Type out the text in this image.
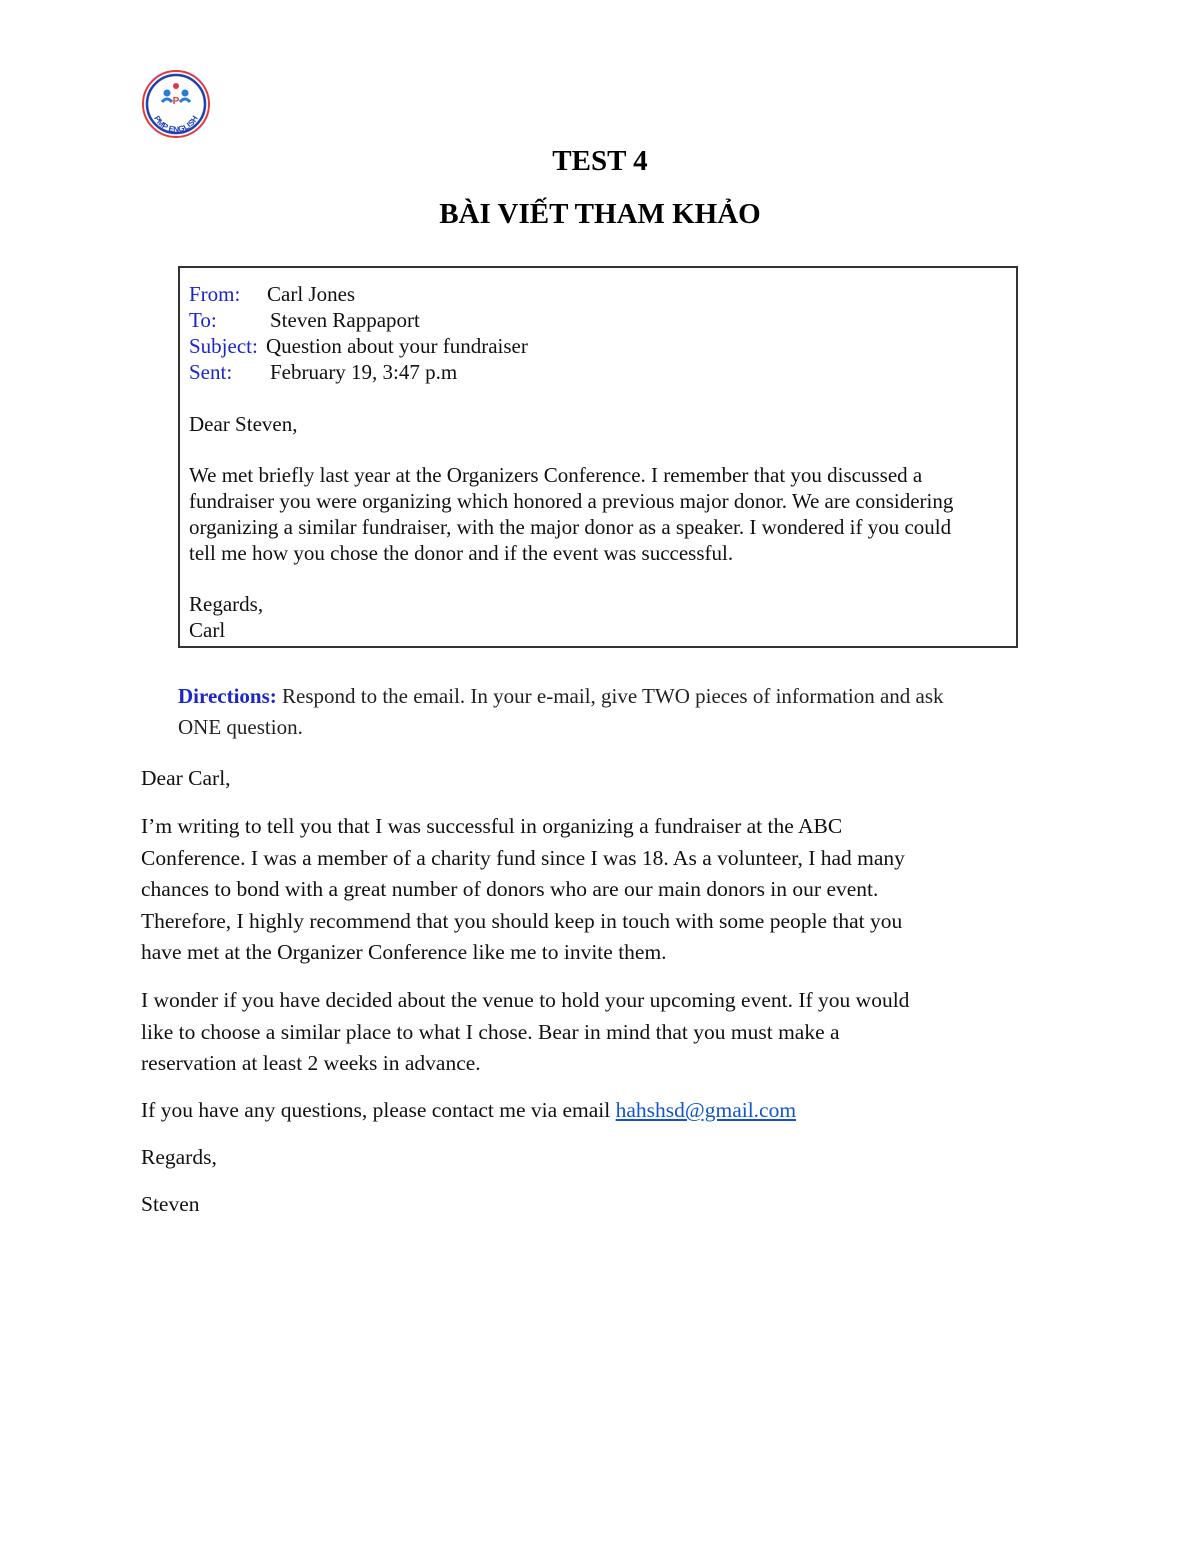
P
PMP ENGLISH
TEST 4
BÀI VIẾT THAM KHẢO
From: Carl Jones
To:	Steven Rappaport
Subject: Question about your fundraiser
Sent: February 19, 3:47 p.m

Dear Steven,

We met briefly last year at the Organizers Conference. I remember that you discussed a
fundraiser you were organizing which honored a previous major donor. We are considering
organizing a similar fundraiser, with the major donor as a speaker. I wondered if you could
tell me how you chose the donor and if the event was successful.
Regards,
Carl
Directions: Respond to the email. In your e-mail, give TWO pieces of information and ask
ONE question.
Dear Carl,
I’m writing to tell you that I was successful in organizing a fundraiser at the ABC
Conference. I was a member of a charity fund since I was 18. As a volunteer, I had many
chances to bond with a great number of donors who are our main donors in our event.
Therefore, I highly recommend that you should keep in touch with some people that you
have met at the Organizer Conference like me to invite them.
I wonder if you have decided about the venue to hold your upcoming event. If you would
like to choose a similar place to what I chose. Bear in mind that you must make a
reservation at least 2 weeks in advance.
If you have any questions, please contact me via email hahshsd@gmail.com
Regards,
Steven
